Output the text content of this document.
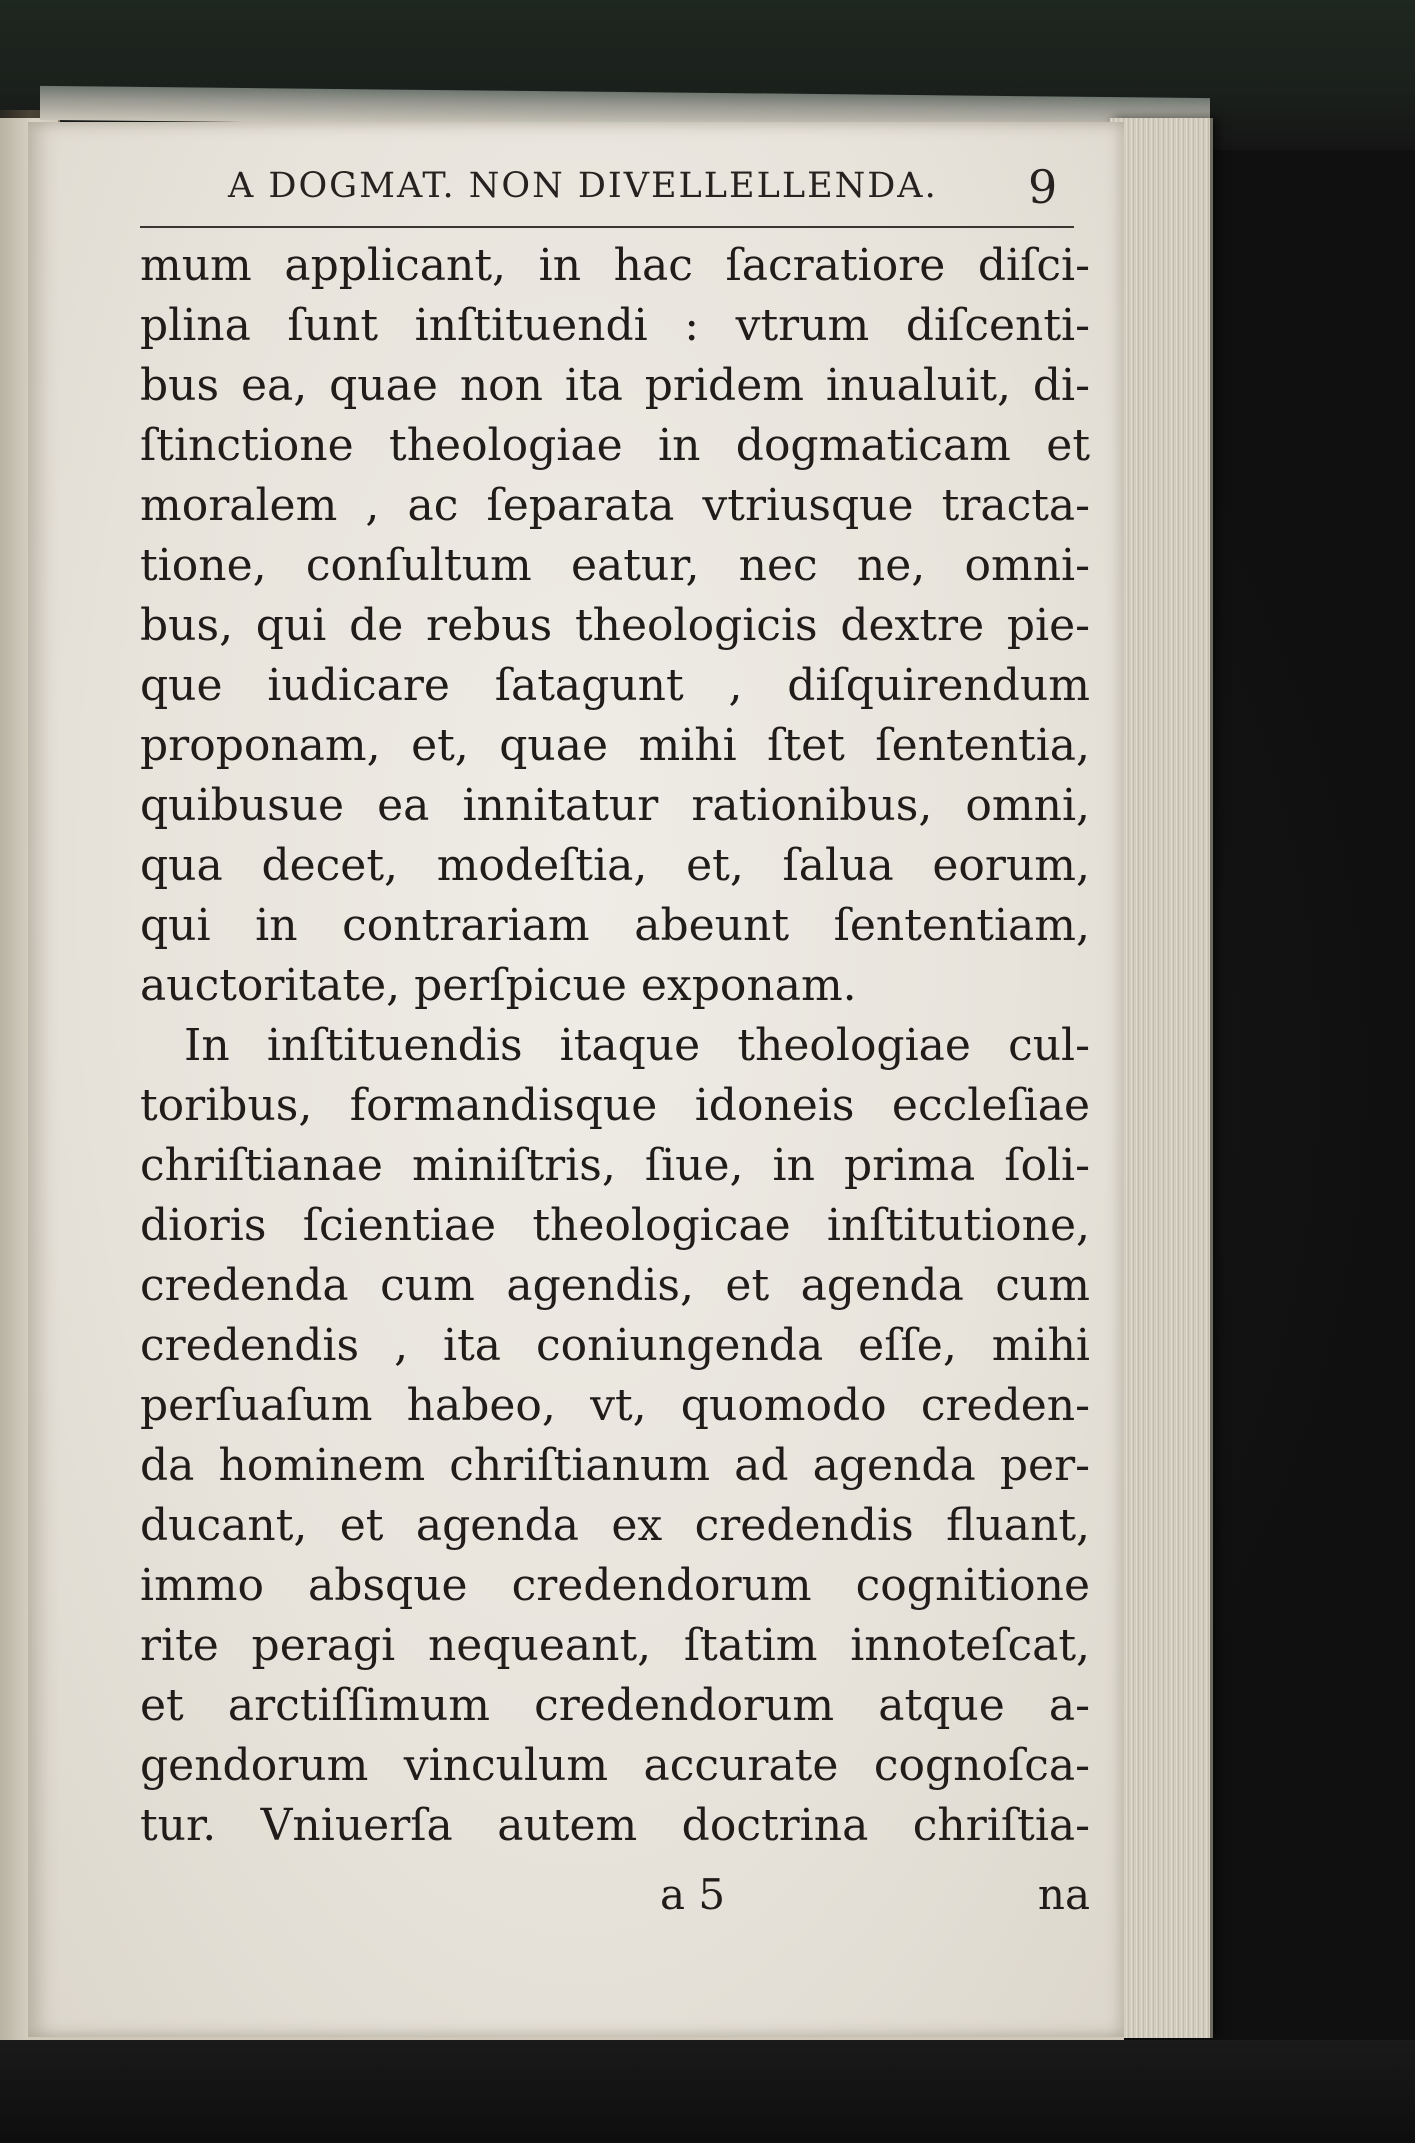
A DOGMAT. NON DIVELLELLENDA. 9
mum applicant, in hac ſacratiore diſci-
plina ſunt inſtituendi : vtrum diſcenti-
bus ea, quae non ita pridem inualuit, di-
ſtinctione theologiae in dogmaticam et
moralem , ac ſeparata vtriusque tracta-
tione, conſultum eatur, nec ne, omni-
bus, qui de rebus theologicis dextre pie-
que iudicare ſatagunt , diſquirendum
proponam, et, quae mihi ſtet ſententia,
quibusue ea innitatur rationibus, omni,
qua decet, modeſtia, et, ſalua eorum,
qui in contrariam abeunt ſententiam,
auctoritate, perſpicue exponam.
In inſtituendis itaque theologiae cul-
toribus, formandisque idoneis eccleſiae
chriſtianae miniſtris, ſiue, in prima ſoli-
dioris ſcientiae theologicae inſtitutione,
credenda cum agendis, et agenda cum
credendis , ita coniungenda eſſe, mihi
perſuaſum habeo, vt, quomodo creden-
da hominem chriſtianum ad agenda per-
ducant, et agenda ex credendis fluant,
immo absque credendorum cognitione
rite peragi nequeant, ſtatim innoteſcat,
et arctiſſimum credendorum atque a-
gendorum vinculum accurate cognoſca-
tur. Vniuerſa autem doctrina chriſtia-
a 5	na
